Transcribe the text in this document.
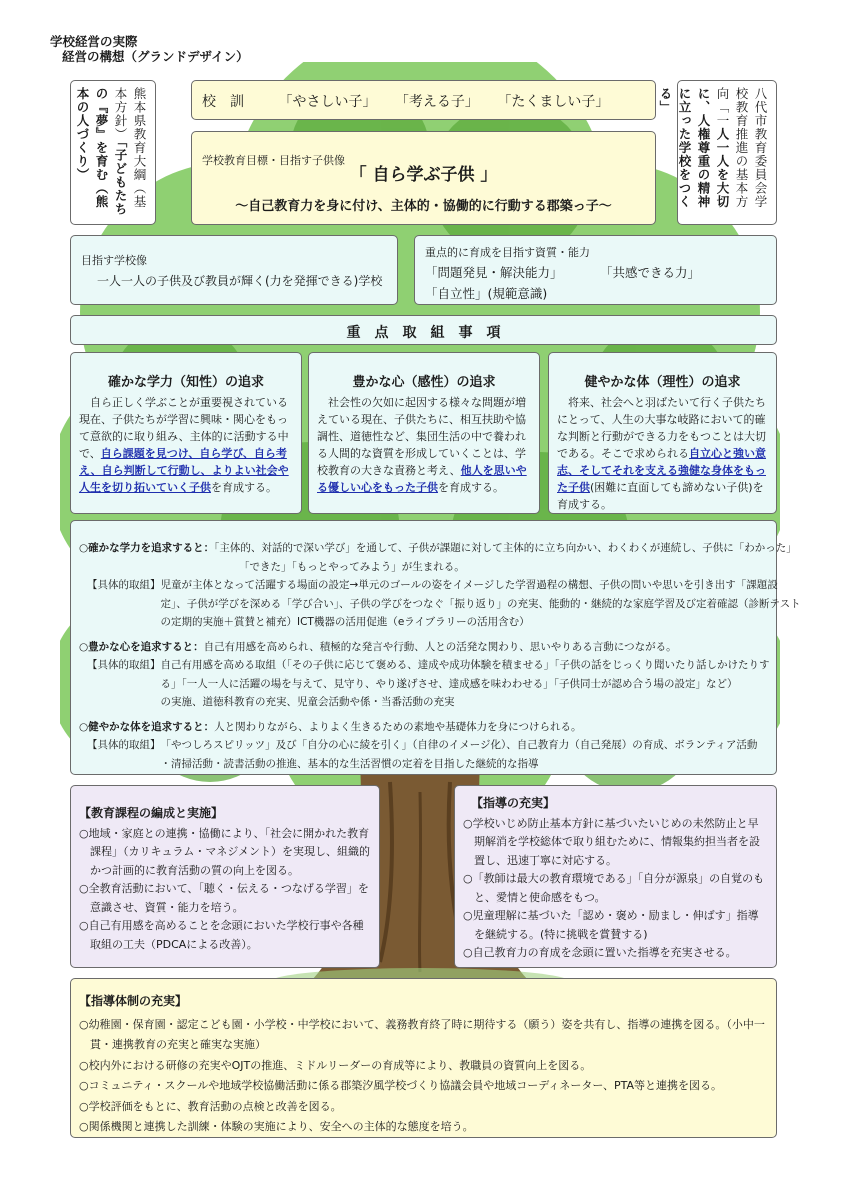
学校経営の実際
経営の構想（グランドデザイン）
熊本県教育大綱（基本方針）「子どもたちの『夢』を育む（熊本の人づくり）	八代市教育委員会学校教育推進の基本方向「一人一人を大切に、人権尊重の精神に立った学校をつくる」
校　訓 「やさしい子」 「考える子」 「たくましい子」
学校教育目標・目指す子供像
「 自ら学ぶ子供 」
～自己教育力を身に付け、主体的・協働的に行動する郡築っ子～
目指す学校像
一人一人の子供及び教員が輝く(力を発揮できる)学校
重点的に育成を目指す資質・能力
「問題発見・解決能力」	「共感できる力」
「自立性」(規範意識)
重　点　取　組　事　項
確かな学力（知性）の追求

自ら正しく学ぶことが重要視されている現在、子供たちが学習に興味・関心をもって意欲的に取り組み、主体的に活動する中で、自ら課題を見つけ、自ら学び、自ら考え、自ら判断して行動し、よりよい社会や人生を切り拓いていく子供を育成する。

豊かな心（感性）の追求

社会性の欠如に起因する様々な問題が増えている現在、子供たちに、相互扶助や協調性、道徳性など、集団生活の中で養われる人間的な資質を形成していくことは、学校教育の大きな責務と考え、他人を思いやる優しい心をもった子供を育成する。

健やかな体（理性）の追求

将来、社会へと羽ばたいて行く子供たちにとって、人生の大事な岐路において的確な判断と行動ができる力をもつことは大切である。そこで求められる自立心と強い意志、そしてそれを支える強健な身体をもった子供(困難に直面しても諦めない子供)を育成する。

○確かな学力を追求すると：「主体的、対話的で深い学び」を通して、子供が課題に対して主体的に立ち向かい、わくわくが連続し、子供に「わかった」
「できた」「もっとやってみよう」が生まれる。
【具体的取組】 児童が主体となって活躍する場面の設定→単元のゴールの姿をイメージした学習過程の構想、子供の問いや思いを引き出す「課題設
定」、子供が学びを深める「学び合い」、子供の学びをつなぐ「振り返り」の充実、能動的・継続的な家庭学習及び定着確認（診断テスト
の定期的実施＋賞賛と補充）ICT機器の活用促進（eライブラリーの活用含む）
○豊かな心を追求すると：自己有用感を高められ、積極的な発言や行動、人との活発な関わり、思いやりある言動につながる。
【具体的取組】 自己有用感を高める取組（「その子供に応じて褒める、達成や成功体験を積ませる」「子供の話をじっくり聞いたり話しかけたりす
る」「一人一人に活躍の場を与えて、見守り、やり遂げさせ、達成感を味わわせる」「子供同士が認め合う場の設定」など）
の実施、道徳科教育の充実、児童会活動や係・当番活動の充実
○健やかな体を追求すると：人と関わりながら、よりよく生きるための素地や基礎体力を身につけられる。
【具体的取組】 「やつしろスピリッツ」及び「自分の心に綾を引く」（自律のイメージ化）、自己教育力（自己発展）の育成、ボランティア活動
・清掃活動・読書活動の推進、基本的な生活習慣の定着を目指した継続的な指導
【教育課程の編成と実施】
○地域・家庭との連携・協働により、「社会に開かれた教育課程」（カリキュラム・マネジメント）を実現し、組織的かつ計画的に教育活動の質の向上を図る。
○全教育活動において、「聴く・伝える・つなげる学習」を意識させ、資質・能力を培う。
○自己有用感を高めることを念頭においた学校行事や各種取組の工夫（PDCAによる改善）。
【指導の充実】
○学校いじめ防止基本方針に基づいたいじめの未然防止と早期解消を学校総体で取り組むために、情報集約担当者を設置し、迅速丁寧に対応する。
○「教師は最大の教育環境である」「自分が源泉」の自覚のもと、愛情と使命感をもつ。
○児童理解に基づいた「認め・褒め・励まし・伸ばす」指導を継続する。(特に挑戦を賞賛する)
○自己教育力の育成を念頭に置いた指導を充実させる。
【指導体制の充実】
○幼稚園・保育園・認定こども園・小学校・中学校において、義務教育終了時に期待する（願う）姿を共有し、指導の連携を図る。（小中一貫・連携教育の充実と確実な実施）
○校内外における研修の充実やOJTの推進、ミドルリーダーの育成等により、教職員の資質向上を図る。
○コミュニティ・スクールや地域学校協働活動に係る郡築汐風学校づくり協議会員や地域コーディネーター、PTA等と連携を図る。
○学校評価をもとに、教育活動の点検と改善を図る。
○関係機関と連携した訓練・体験の実施により、安全への主体的な態度を培う。
